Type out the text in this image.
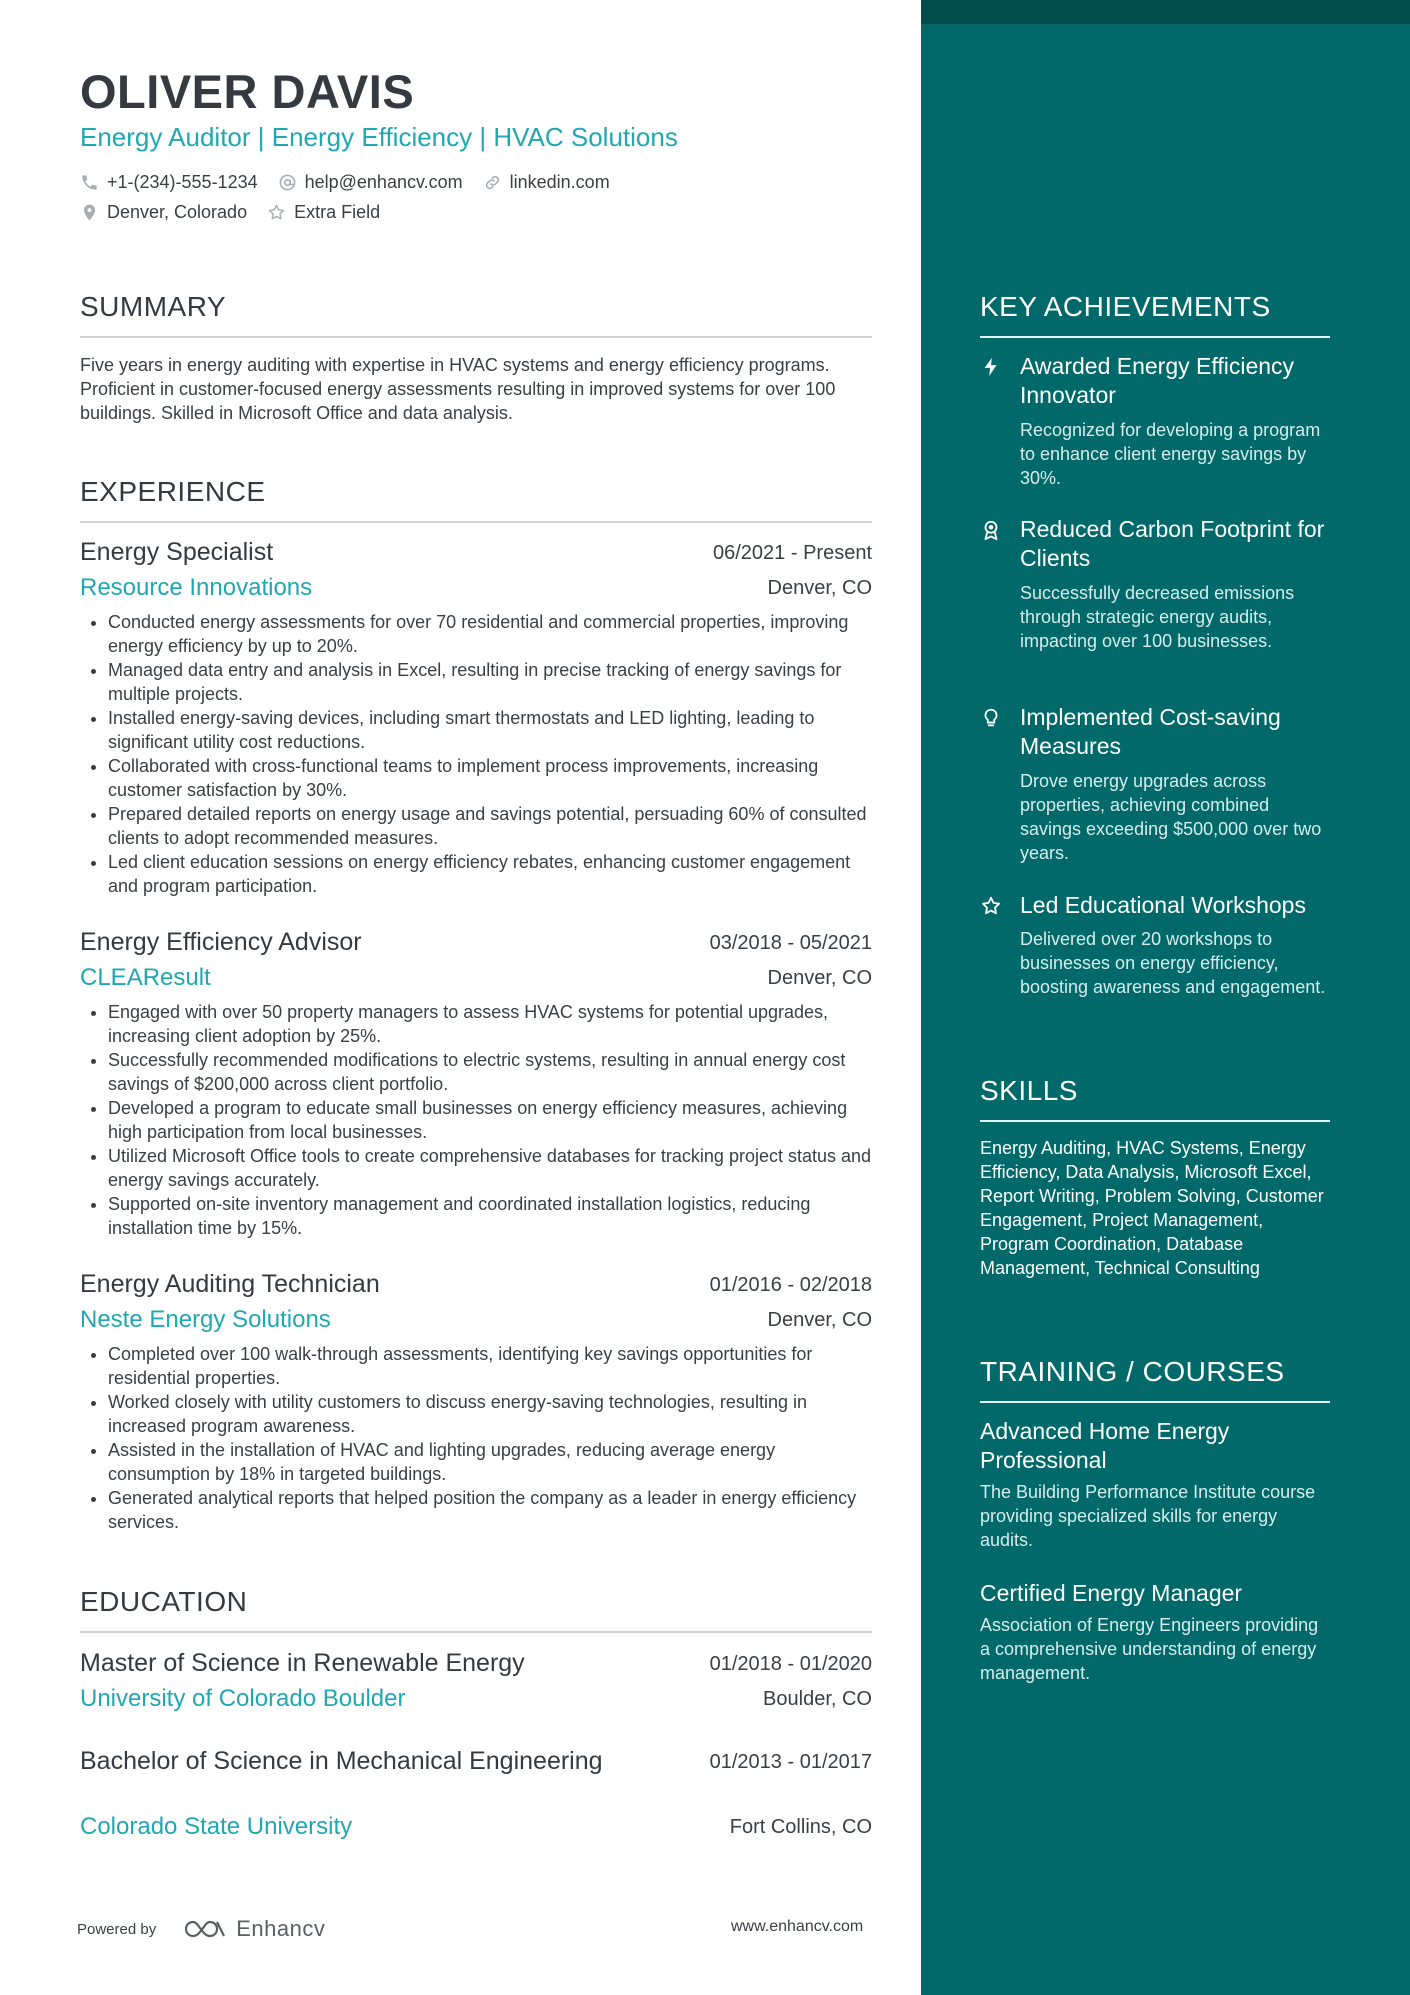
OLIVER DAVIS
Energy Auditor | Energy Efficiency | HVAC Solutions
+1-(234)-555-1234	help@enhancv.com	linkedin.com
Denver, Colorado	Extra Field
SUMMARY
Five years in energy auditing with expertise in HVAC systems and energy efficiency programs. Proficient in customer-focused energy assessments resulting in improved systems for over 100 buildings. Skilled in Microsoft Office and data analysis.
EXPERIENCE
Energy Specialist	06/2021 - Present
Resource Innovations	Denver, CO
• Conducted energy assessments for over 70 residential and commercial properties, improving energy efficiency by up to 20%.
• Managed data entry and analysis in Excel, resulting in precise tracking of energy savings for multiple projects.
• Installed energy-saving devices, including smart thermostats and LED lighting, leading to significant utility cost reductions.
• Collaborated with cross-functional teams to implement process improvements, increasing customer satisfaction by 30%.
• Prepared detailed reports on energy usage and savings potential, persuading 60% of consulted clients to adopt recommended measures.
• Led client education sessions on energy efficiency rebates, enhancing customer engagement and program participation.
Energy Efficiency Advisor	03/2018 - 05/2021
CLEAResult	Denver, CO
• Engaged with over 50 property managers to assess HVAC systems for potential upgrades, increasing client adoption by 25%.
• Successfully recommended modifications to electric systems, resulting in annual energy cost savings of $200,000 across client portfolio.
• Developed a program to educate small businesses on energy efficiency measures, achieving high participation from local businesses.
• Utilized Microsoft Office tools to create comprehensive databases for tracking project status and energy savings accurately.
• Supported on-site inventory management and coordinated installation logistics, reducing installation time by 15%.
Energy Auditing Technician	01/2016 - 02/2018
Neste Energy Solutions	Denver, CO
• Completed over 100 walk-through assessments, identifying key savings opportunities for residential properties.
• Worked closely with utility customers to discuss energy-saving technologies, resulting in increased program awareness.
• Assisted in the installation of HVAC and lighting upgrades, reducing average energy consumption by 18% in targeted buildings.
• Generated analytical reports that helped position the company as a leader in energy efficiency services.
EDUCATION
Master of Science in Renewable Energy	01/2018 - 01/2020
University of Colorado Boulder	Boulder, CO
Bachelor of Science in Mechanical Engineering	01/2013 - 01/2017
Colorado State University	Fort Collins, CO
Powered by	Enhancv	www.enhancv.com
KEY ACHIEVEMENTS
Awarded Energy Efficiency Innovator
Recognized for developing a program to enhance client energy savings by 30%.
Reduced Carbon Footprint for Clients
Successfully decreased emissions through strategic energy audits, impacting over 100 businesses.
Implemented Cost-saving Measures
Drove energy upgrades across properties, achieving combined savings exceeding $500,000 over two years.
Led Educational Workshops
Delivered over 20 workshops to businesses on energy efficiency, boosting awareness and engagement.
SKILLS
Energy Auditing, HVAC Systems, Energy Efficiency, Data Analysis, Microsoft Excel, Report Writing, Problem Solving, Customer Engagement, Project Management, Program Coordination, Database Management, Technical Consulting
TRAINING / COURSES
Advanced Home Energy Professional
The Building Performance Institute course providing specialized skills for energy audits.
Certified Energy Manager
Association of Energy Engineers providing a comprehensive understanding of energy management.
